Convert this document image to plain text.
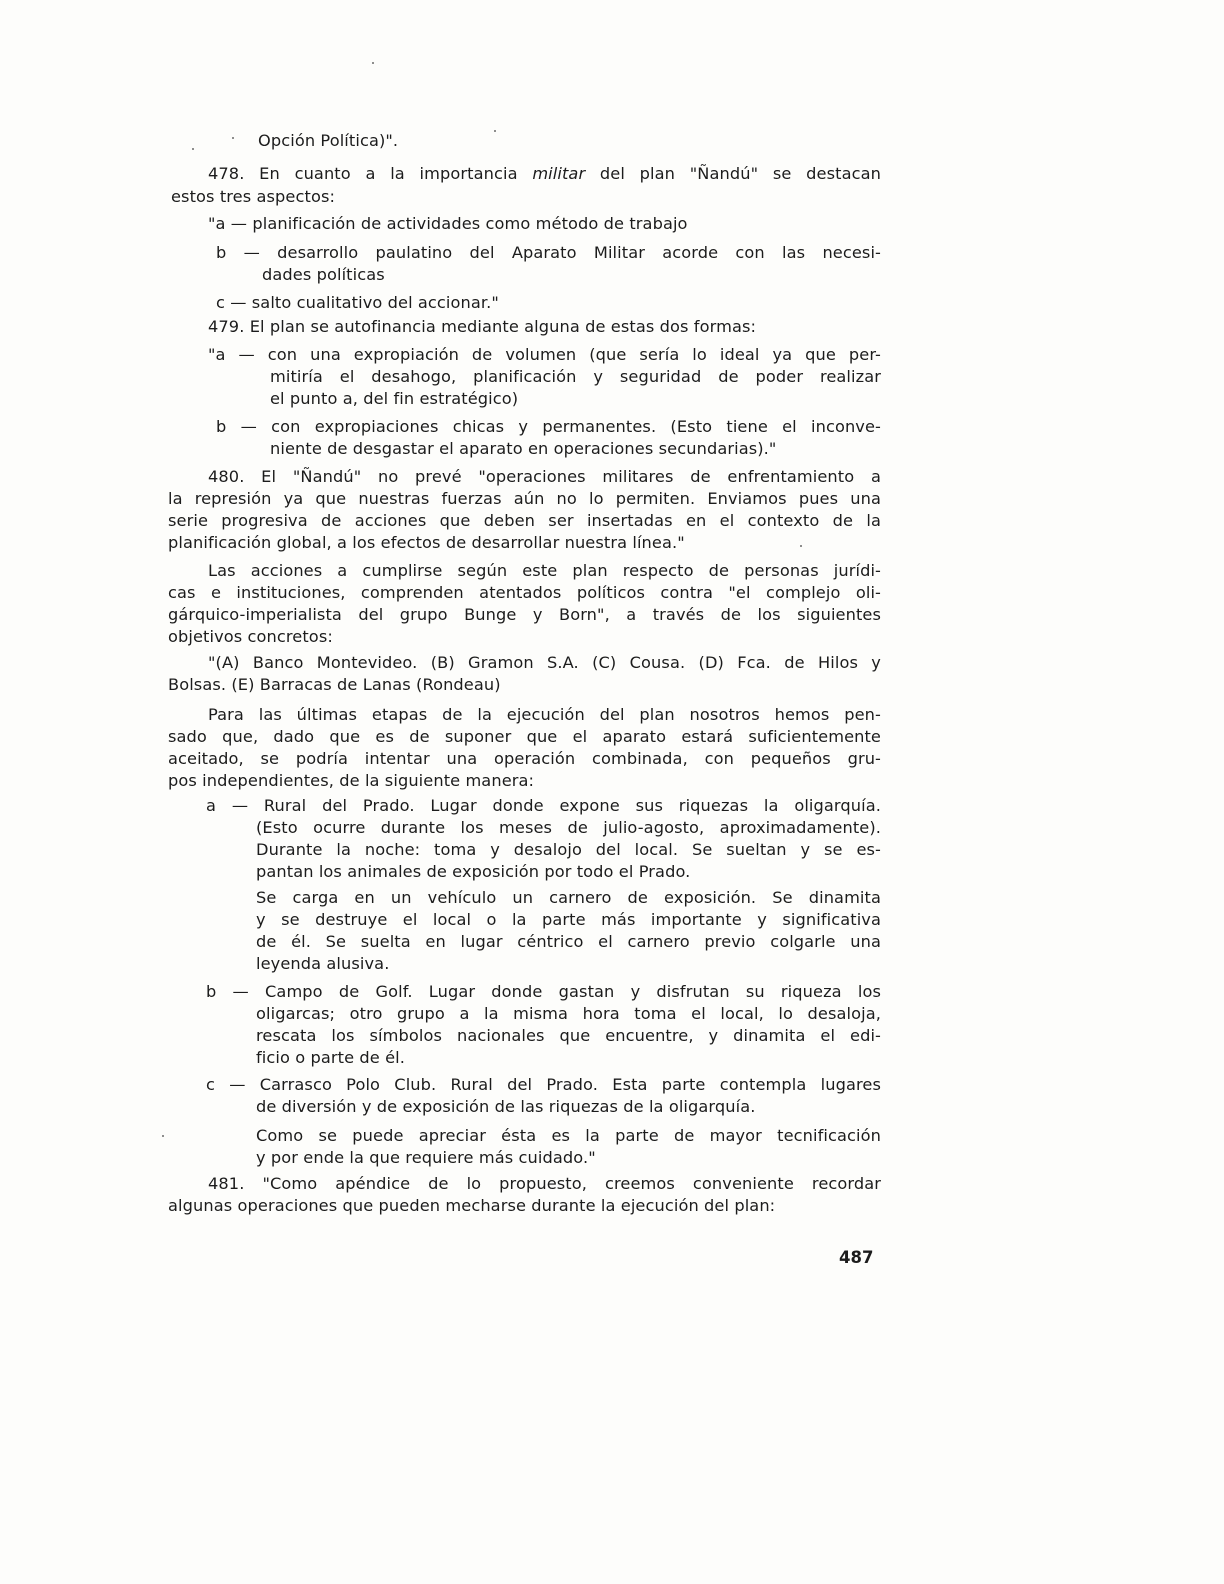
Opción Política)".

478. En cuanto a la importancia militar del plan "Ñandú" se destacan

estos tres aspectos:

"a — planificación de actividades como método de trabajo

b — desarrollo paulatino del Aparato Militar acorde con las necesi-

dades políticas

c — salto cualitativo del accionar."

479. El plan se autofinancia mediante alguna de estas dos formas:

"a — con una expropiación de volumen (que sería lo ideal ya que per-

mitiría el desahogo, planificación y seguridad de poder realizar

el punto a, del fin estratégico)

b — con expropiaciones chicas y permanentes. (Esto tiene el inconve-

niente de desgastar el aparato en operaciones secundarias)."

480. El "Ñandú" no prevé "operaciones militares de enfrentamiento a

la represión ya que nuestras fuerzas aún no lo permiten. Enviamos pues una

serie progresiva de acciones que deben ser insertadas en el contexto de la

planificación global, a los efectos de desarrollar nuestra línea."

Las acciones a cumplirse según este plan respecto de personas jurídi-

cas e instituciones, comprenden atentados políticos contra "el complejo oli-

gárquico-imperialista del grupo Bunge y Born", a través de los siguientes

objetivos concretos:

"(A) Banco Montevideo. (B) Gramon S.A. (C) Cousa. (D) Fca. de Hilos y

Bolsas. (E) Barracas de Lanas (Rondeau)

Para las últimas etapas de la ejecución del plan nosotros hemos pen-

sado que, dado que es de suponer que el aparato estará suficientemente

aceitado, se podría intentar una operación combinada, con pequeños gru-

pos independientes, de la siguiente manera:

a — Rural del Prado. Lugar donde expone sus riquezas la oligarquía.

(Esto ocurre durante los meses de julio-agosto, aproximadamente).

Durante la noche: toma y desalojo del local. Se sueltan y se es-

pantan los animales de exposición por todo el Prado.

Se carga en un vehículo un carnero de exposición. Se dinamita

y se destruye el local o la parte más importante y significativa

de él. Se suelta en lugar céntrico el carnero previo colgarle una

leyenda alusiva.

b — Campo de Golf. Lugar donde gastan y disfrutan su riqueza los

oligarcas; otro grupo a la misma hora toma el local, lo desaloja,

rescata los símbolos nacionales que encuentre, y dinamita el edi-

ficio o parte de él.

c — Carrasco Polo Club. Rural del Prado. Esta parte contempla lugares

de diversión y de exposición de las riquezas de la oligarquía.

Como se puede apreciar ésta es la parte de mayor tecnificación

y por ende la que requiere más cuidado."

481. "Como apéndice de lo propuesto, creemos conveniente recordar

algunas operaciones que pueden mecharse durante la ejecución del plan:

487
